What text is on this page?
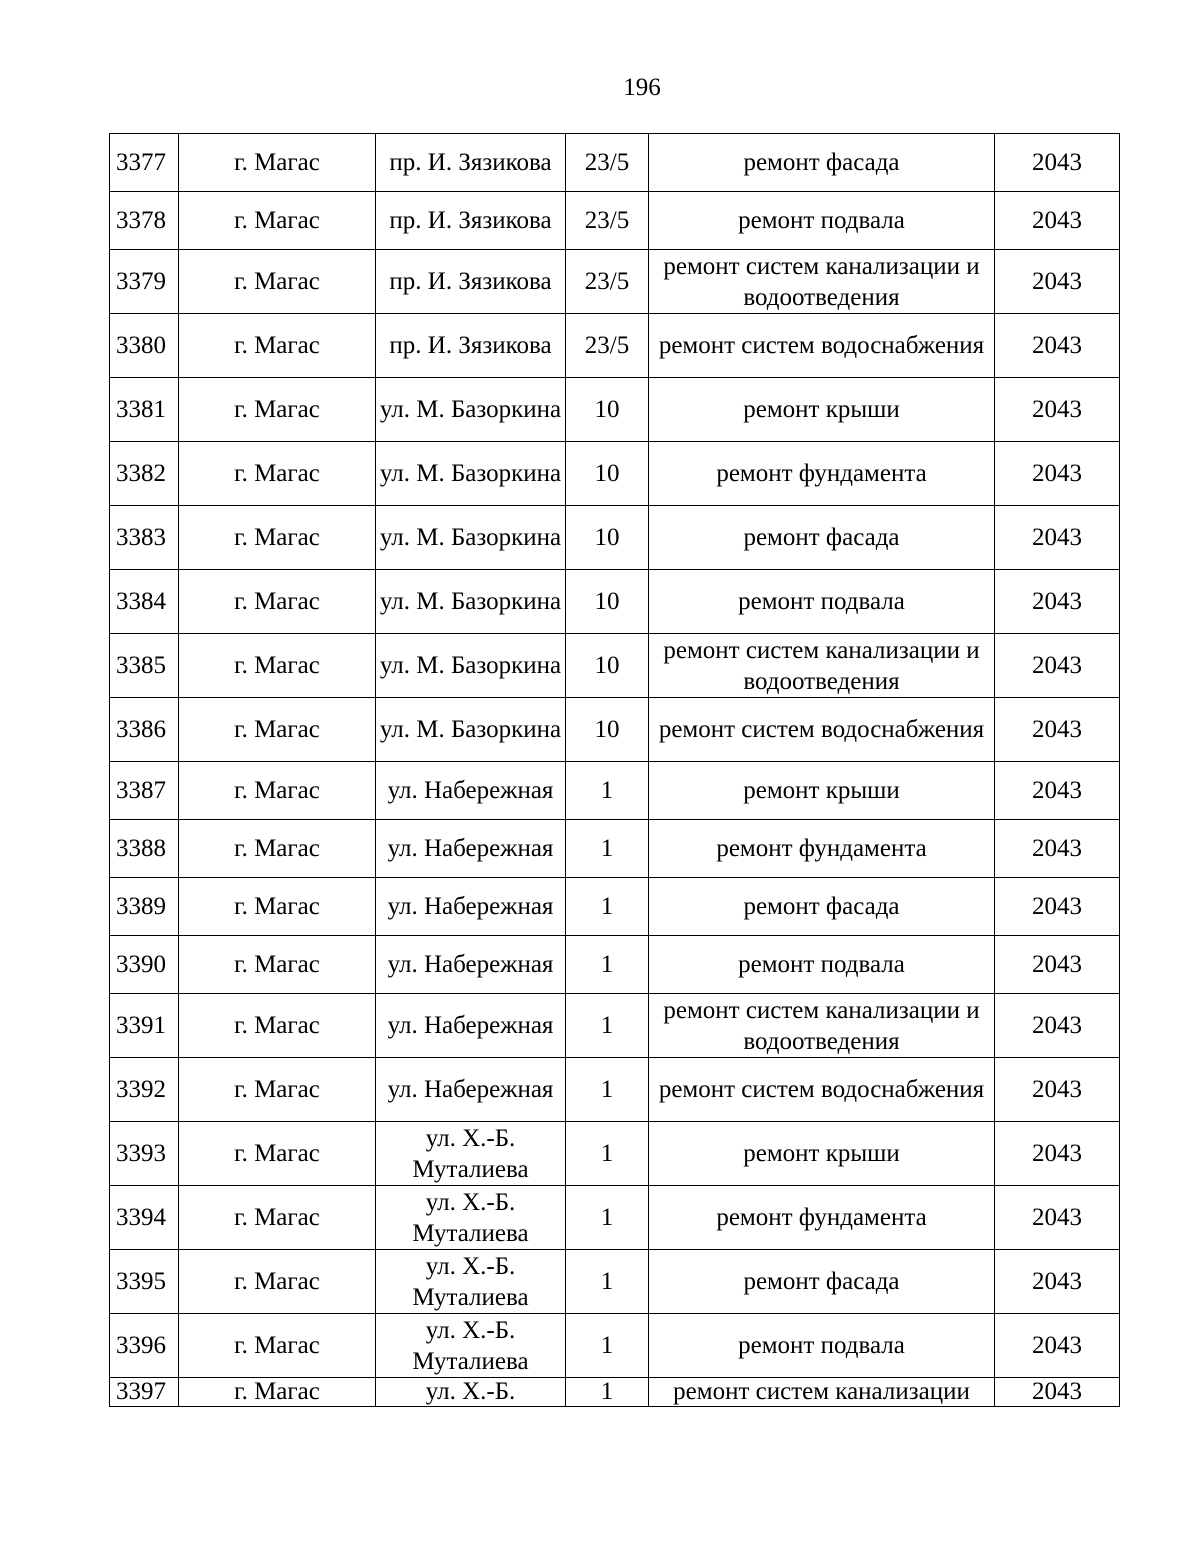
196
3377	г. Магас	пр. И. Зязикова	23/5	ремонт фасада	2043
3378	г. Магас	пр. И. Зязикова	23/5	ремонт подвала	2043
3379	г. Магас	пр. И. Зязикова	23/5	ремонт систем канализации и водоотведения	2043
3380	г. Магас	пр. И. Зязикова	23/5	ремонт систем водоснабжения	2043
3381	г. Магас	ул. М. Базоркина	10	ремонт крыши	2043
3382	г. Магас	ул. М. Базоркина	10	ремонт фундамента	2043
3383	г. Магас	ул. М. Базоркина	10	ремонт фасада	2043
3384	г. Магас	ул. М. Базоркина	10	ремонт подвала	2043
3385	г. Магас	ул. М. Базоркина	10	ремонт систем канализации и водоотведения	2043
3386	г. Магас	ул. М. Базоркина	10	ремонт систем водоснабжения	2043
3387	г. Магас	ул. Набережная	1	ремонт крыши	2043
3388	г. Магас	ул. Набережная	1	ремонт фундамента	2043
3389	г. Магас	ул. Набережная	1	ремонт фасада	2043
3390	г. Магас	ул. Набережная	1	ремонт подвала	2043
3391	г. Магас	ул. Набережная	1	ремонт систем канализации и водоотведения	2043
3392	г. Магас	ул. Набережная	1	ремонт систем водоснабжения	2043
3393	г. Магас	ул. Х.-Б. Муталиева	1	ремонт крыши	2043
3394	г. Магас	ул. Х.-Б. Муталиева	1	ремонт фундамента	2043
3395	г. Магас	ул. Х.-Б. Муталиева	1	ремонт фасада	2043
3396	г. Магас	ул. Х.-Б. Муталиева	1	ремонт подвала	2043
3397	г. Магас	ул. Х.-Б.	1	ремонт систем канализации	2043
